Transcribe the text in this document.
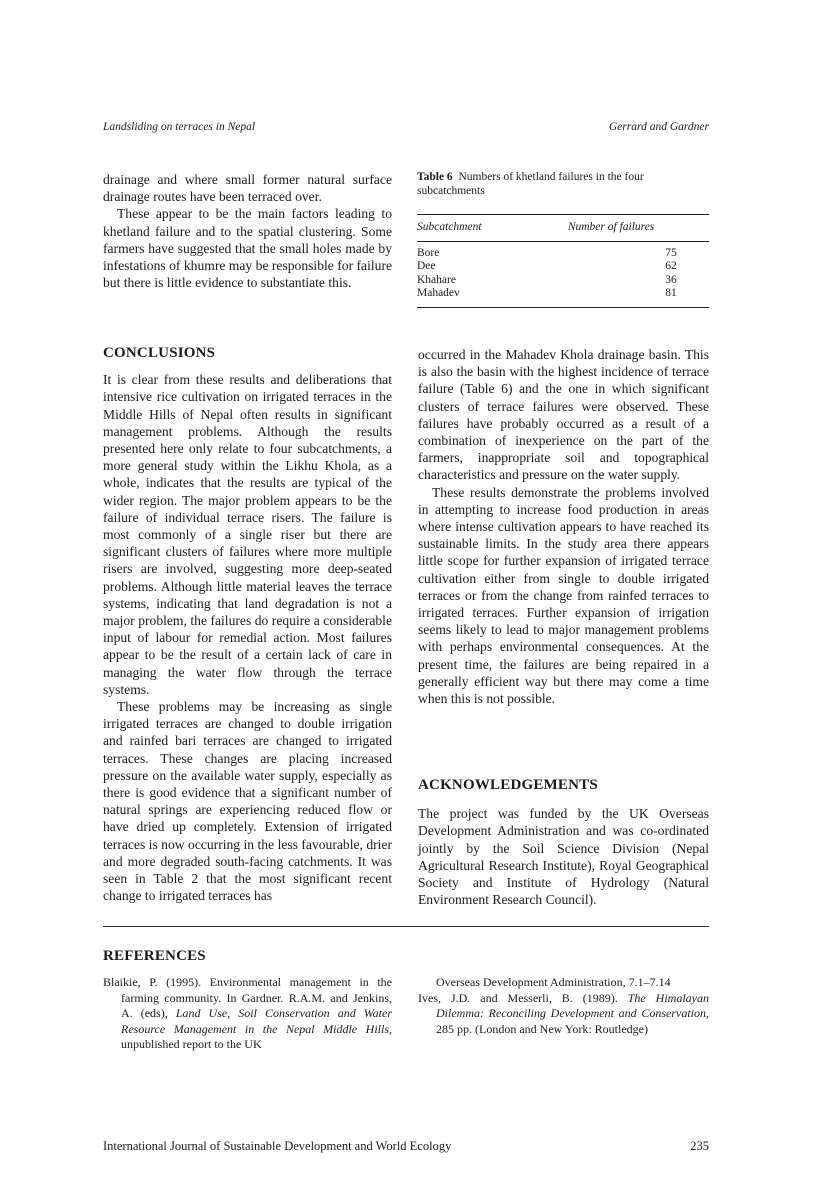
Landsliding on terraces in Nepal	Gerrard and Gardner

drainage and where small former natural surface drainage routes have been terraced over.

These appear to be the main factors leading to khetland failure and to the spatial clustering. Some farmers have suggested that the small holes made by infestations of khumre may be responsible for failure but there is little evidence to substantiate this.

Table 6 Numbers of khetland failures in the four subcatchments
Subcatchment	Number of failures
Bore	75
Dee	62
Khahare	36
Mahadev	81
CONCLUSIONS

It is clear from these results and deliberations that intensive rice cultivation on irrigated terraces in the Middle Hills of Nepal often results in significant management problems. Although the results presented here only relate to four subcatchments, a more general study within the Likhu Khola, as a whole, indicates that the results are typical of the wider region. The major problem appears to be the failure of individual terrace risers. The failure is most commonly of a single riser but there are significant clusters of failures where more multiple risers are involved, suggesting more deep-seated problems. Although little material leaves the terrace systems, indicating that land degradation is not a major problem, the failures do require a considerable input of labour for remedial action. Most failures appear to be the result of a certain lack of care in managing the water flow through the terrace systems.

These problems may be increasing as single irrigated terraces are changed to double irrigation and rainfed bari terraces are changed to irrigated terraces. These changes are placing increased pressure on the available water supply, especially as there is good evidence that a significant number of natural springs are experiencing reduced flow or have dried up completely. Extension of irrigated terraces is now occurring in the less favourable, drier and more degraded south-facing catchments. It was seen in Table 2 that the most significant recent change to irrigated terraces has

occurred in the Mahadev Khola drainage basin. This is also the basin with the highest incidence of terrace failure (Table 6) and the one in which significant clusters of terrace failures were observed. These failures have probably occurred as a result of a combination of inexperience on the part of the farmers, inappropriate soil and topographical characteristics and pressure on the water supply.

These results demonstrate the problems involved in attempting to increase food production in areas where intense cultivation appears to have reached its sustainable limits. In the study area there appears little scope for further expansion of irrigated terrace cultivation either from single to double irrigated terraces or from the change from rainfed terraces to irrigated terraces. Further expansion of irrigation seems likely to lead to major management problems with perhaps environmental consequences. At the present time, the failures are being repaired in a generally efficient way but there may come a time when this is not possible.

ACKNOWLEDGEMENTS

The project was funded by the UK Overseas Development Administration and was co-ordinated jointly by the Soil Science Division (Nepal Agricultural Research Institute), Royal Geographical Society and Institute of Hydrology (Natural Environment Research Council).

REFERENCES

Blaikie, P. (1995). Environmental management in the farming community. In Gardner. R.A.M. and Jenkins, A. (eds), Land Use, Soil Conservation and Water Resource Management in the Nepal Middle Hills, unpublished report to the UK

Overseas Development Administration, 7.1–7.14

Ives, J.D. and Messerli, B. (1989). The Himalayan Dilemma: Reconciling Development and Conservation, 285 pp. (London and New York: Routledge)

International Journal of Sustainable Development and World Ecology	235
